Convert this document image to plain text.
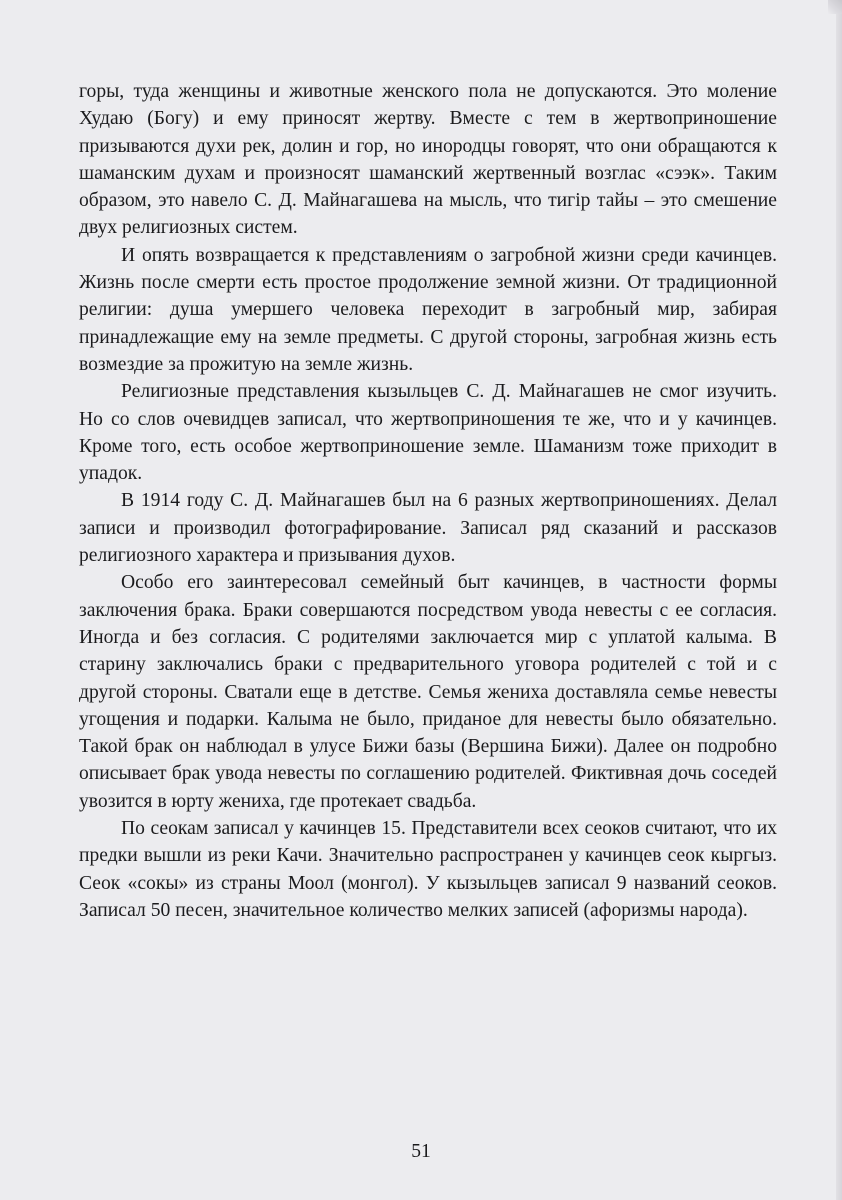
горы, туда женщины и животные женского пола не допускаются. Это моление Худаю (Богу) и ему приносят жертву. Вместе с тем в жертвоприношение призываются духи рек, долин и гор, но инородцы говорят, что они обращаются к шаманским духам и произносят шаманский жертвенный возглас «сээк». Таким образом, это навело С. Д. Майнагашева на мысль, что тигiр тайы – это смешение двух религиозных систем.

И опять возвращается к представлениям о загробной жизни среди качинцев. Жизнь после смерти есть простое продолжение земной жизни. От традиционной религии: душа умершего человека переходит в загробный мир, забирая принадлежащие ему на земле предметы. С другой стороны, загробная жизнь есть возмездие за прожитую на земле жизнь.

Религиозные представления кызыльцев С. Д. Майнагашев не смог изучить. Но со слов очевидцев записал, что жертвоприношения те же, что и у качинцев. Кроме того, есть особое жертвоприношение земле. Шаманизм тоже приходит в упадок.

В 1914 году С. Д. Майнагашев был на 6 разных жертвоприношениях. Делал записи и производил фотографирование. Записал ряд сказаний и рассказов религиозного характера и призывания духов.

Особо его заинтересовал семейный быт качинцев, в частности формы заключения брака. Браки совершаются посредством увода невесты с ее согласия. Иногда и без согласия. С родителями заключается мир с уплатой калыма. В старину заключались браки с предварительного уговора родителей с той и с другой стороны. Сватали еще в детстве. Семья жениха доставляла семье невесты угощения и подарки. Калыма не было, приданое для невесты было обязательно. Такой брак он наблюдал в улусе Бижи базы (Вершина Бижи). Далее он подробно описывает брак увода невесты по соглашению родителей. Фиктивная дочь соседей увозится в юрту жениха, где протекает свадьба.

По сеокам записал у качинцев 15. Представители всех сеоков считают, что их предки вышли из реки Качи. Значительно распространен у качинцев сеок кыргыз. Сеок «сокы» из страны Моол (монгол). У кызыльцев записал 9 названий сеоков. Записал 50 песен, значительное количество мелких записей (афоризмы народа).

51
